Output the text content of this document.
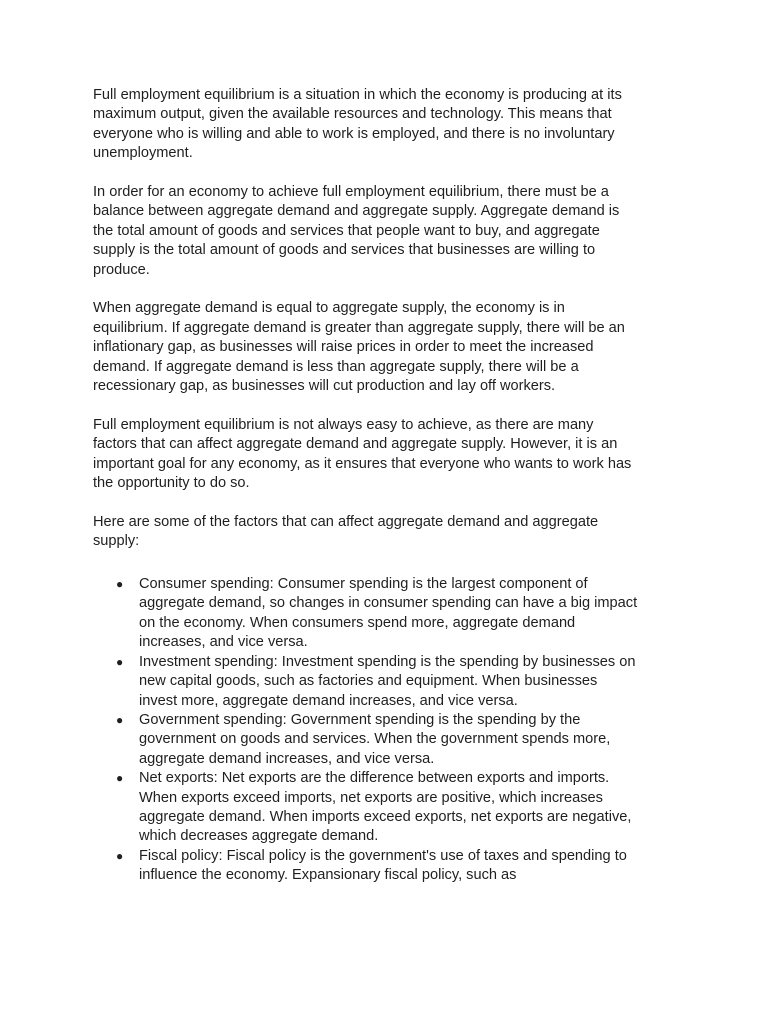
Full employment equilibrium is a situation in which the economy is producing at its maximum output, given the available resources and technology. This means that everyone who is willing and able to work is employed, and there is no involuntary unemployment.

In order for an economy to achieve full employment equilibrium, there must be a balance between aggregate demand and aggregate supply. Aggregate demand is the total amount of goods and services that people want to buy, and aggregate supply is the total amount of goods and services that businesses are willing to produce.

When aggregate demand is equal to aggregate supply, the economy is in equilibrium. If aggregate demand is greater than aggregate supply, there will be an inflationary gap, as businesses will raise prices in order to meet the increased demand. If aggregate demand is less than aggregate supply, there will be a recessionary gap, as businesses will cut production and lay off workers.

Full employment equilibrium is not always easy to achieve, as there are many factors that can affect aggregate demand and aggregate supply. However, it is an important goal for any economy, as it ensures that everyone who wants to work has the opportunity to do so.

Here are some of the factors that can affect aggregate demand and aggregate supply:

● Consumer spending: Consumer spending is the largest component of aggregate demand, so changes in consumer spending can have a big impact on the economy. When consumers spend more, aggregate demand increases, and vice versa.
● Investment spending: Investment spending is the spending by businesses on new capital goods, such as factories and equipment. When businesses invest more, aggregate demand increases, and vice versa.
● Government spending: Government spending is the spending by the government on goods and services. When the government spends more, aggregate demand increases, and vice versa.
● Net exports: Net exports are the difference between exports and imports. When exports exceed imports, net exports are positive, which increases aggregate demand. When imports exceed exports, net exports are negative, which decreases aggregate demand.
● Fiscal policy: Fiscal policy is the government's use of taxes and spending to influence the economy. Expansionary fiscal policy, such as
